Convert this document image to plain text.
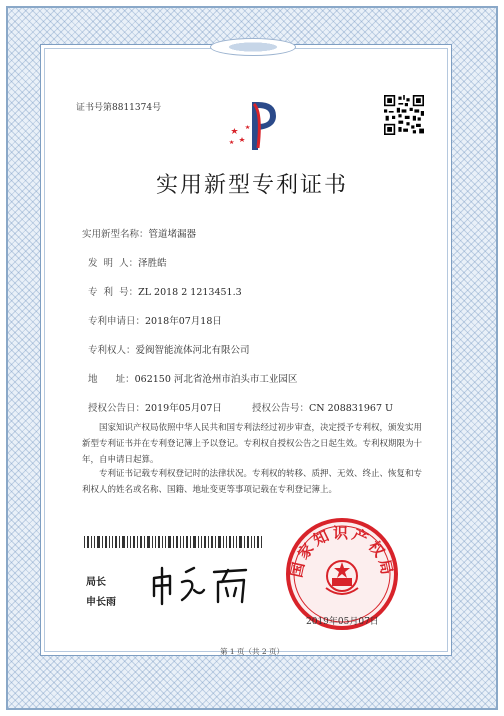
证书号第8811374号
实用新型专利证书
实用新型名称：管道堵漏器
发  明  人：泽胜皓
专  利  号：ZL 2018 2 1213451.3
专利申请日：2018年07月18日
专利权人：爱阀智能流体河北有限公司
地      址：062150 河北省沧州市泊头市工业园区
授权公告日：2019年05月07日	授权公告号：CN 208831967 U
国家知识产权局依照中华人民共和国专利法经过初步审查，决定授予专利权，颁发实用新型专利证书并在专利登记簿上予以登记。专利权自授权公告之日起生效。专利权期限为十年，自申请日起算。
专利证书记载专利权登记时的法律状况。专利权的转移、质押、无效、终止、恢复和专利权人的姓名或名称、国籍、地址变更等事项记载在专利登记簿上。
局长
申长雨
国家知识产权局
2019年05月07日
第 1 页（共 2 页）
